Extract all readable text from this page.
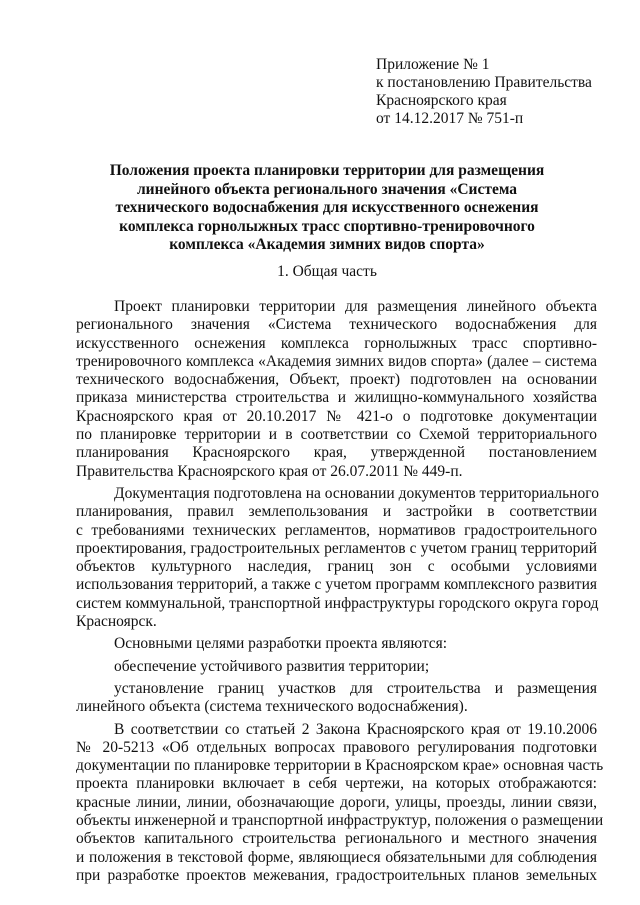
Приложение № 1
к постановлению Правительства
Красноярского края
от 14.12.2017 № 751-п
Положения проекта планировки территории для размещения
линейного объекта регионального значения «Система
технического водоснабжения для искусственного оснежения
комплекса горнолыжных трасс спортивно-тренировочного
комплекса «Академия зимних видов спорта»
1. Общая часть
Проект планировки территории для размещения линейного объекта
регионального значения «Система технического водоснабжения для
искусственного оснежения комплекса горнолыжных трасс спортивно-
тренировочного комплекса «Академия зимних видов спорта» (далее – система
технического водоснабжения, Объект, проект) подготовлен на основании
приказа министерства строительства и жилищно-коммунального хозяйства
Красноярского края от 20.10.2017 № 421-о о подготовке документации
по планировке территории и в соответствии со Схемой территориального
планирования Красноярского края, утвержденной постановлением
Правительства Красноярского края от 26.07.2011 № 449-п.
Документация подготовлена на основании документов территориального
планирования, правил землепользования и застройки в соответствии
с требованиями технических регламентов, нормативов градостроительного
проектирования, градостроительных регламентов с учетом границ территорий
объектов культурного наследия, границ зон с особыми условиями
использования территорий, а также с учетом программ комплексного развития
систем коммунальной, транспортной инфраструктуры городского округа город
Красноярск.
Основными целями разработки проекта являются:
обеспечение устойчивого развития территории;
установление границ участков для строительства и размещения
линейного объекта (система технического водоснабжения).
В соответствии со статьей 2 Закона Красноярского края от 19.10.2006
№ 20-5213 «Об отдельных вопросах правового регулирования подготовки
документации по планировке территории в Красноярском крае» основная часть
проекта планировки включает в себя чертежи, на которых отображаются:
красные линии, линии, обозначающие дороги, улицы, проезды, линии связи,
объекты инженерной и транспортной инфраструктур, положения о размещении
объектов капитального строительства регионального и местного значения
и положения в текстовой форме, являющиеся обязательными для соблюдения
при разработке проектов межевания, градостроительных планов земельных
